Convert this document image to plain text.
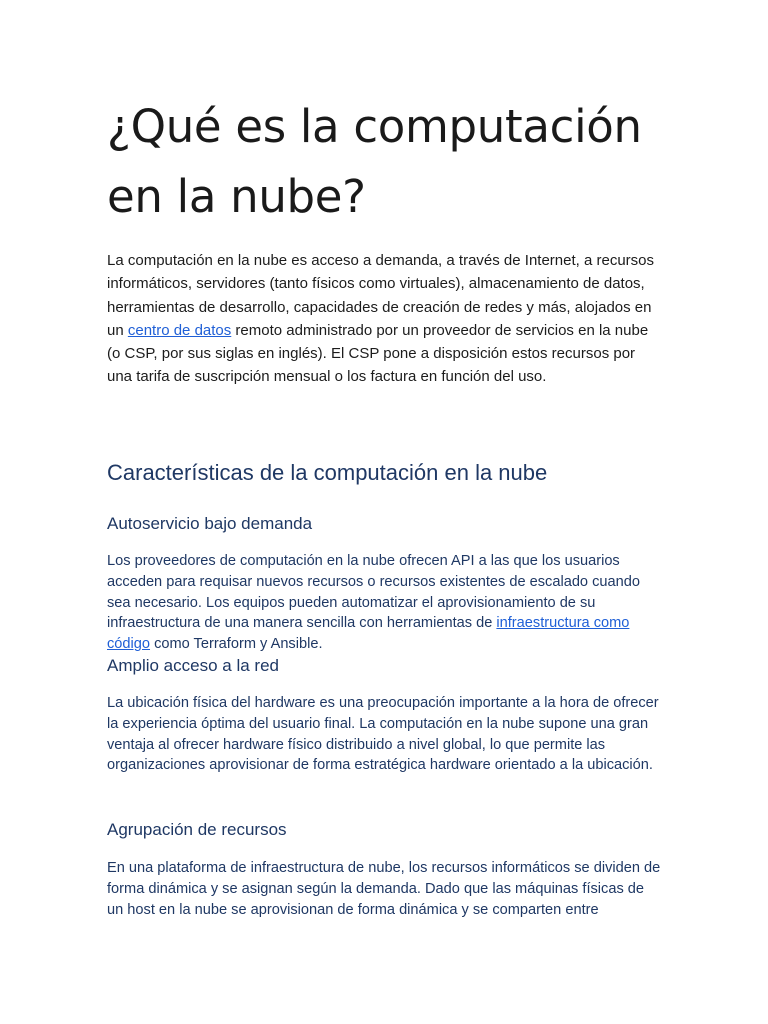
¿Qué es la computación en la nube?

La computación en la nube es acceso a demanda, a través de Internet, a recursos informáticos, servidores (tanto físicos como virtuales), almacenamiento de datos, herramientas de desarrollo, capacidades de creación de redes y más, alojados en un centro de datos remoto administrado por un proveedor de servicios en la nube (o CSP, por sus siglas en inglés). El CSP pone a disposición estos recursos por una tarifa de suscripción mensual o los factura en función del uso.

Características de la computación en la nube
Autoservicio bajo demanda

Los proveedores de computación en la nube ofrecen API a las que los usuarios acceden para requisar nuevos recursos o recursos existentes de escalado cuando sea necesario. Los equipos pueden automatizar el aprovisionamiento de su infraestructura de una manera sencilla con herramientas de infraestructura como código como Terraform y Ansible.

Amplio acceso a la red

La ubicación física del hardware es una preocupación importante a la hora de ofrecer la experiencia óptima del usuario final. La computación en la nube supone una gran ventaja al ofrecer hardware físico distribuido a nivel global, lo que permite las organizaciones aprovisionar de forma estratégica hardware orientado a la ubicación.

Agrupación de recursos

En una plataforma de infraestructura de nube, los recursos informáticos se dividen de forma dinámica y se asignan según la demanda. Dado que las máquinas físicas de un host en la nube se aprovisionan de forma dinámica y se comparten entre
